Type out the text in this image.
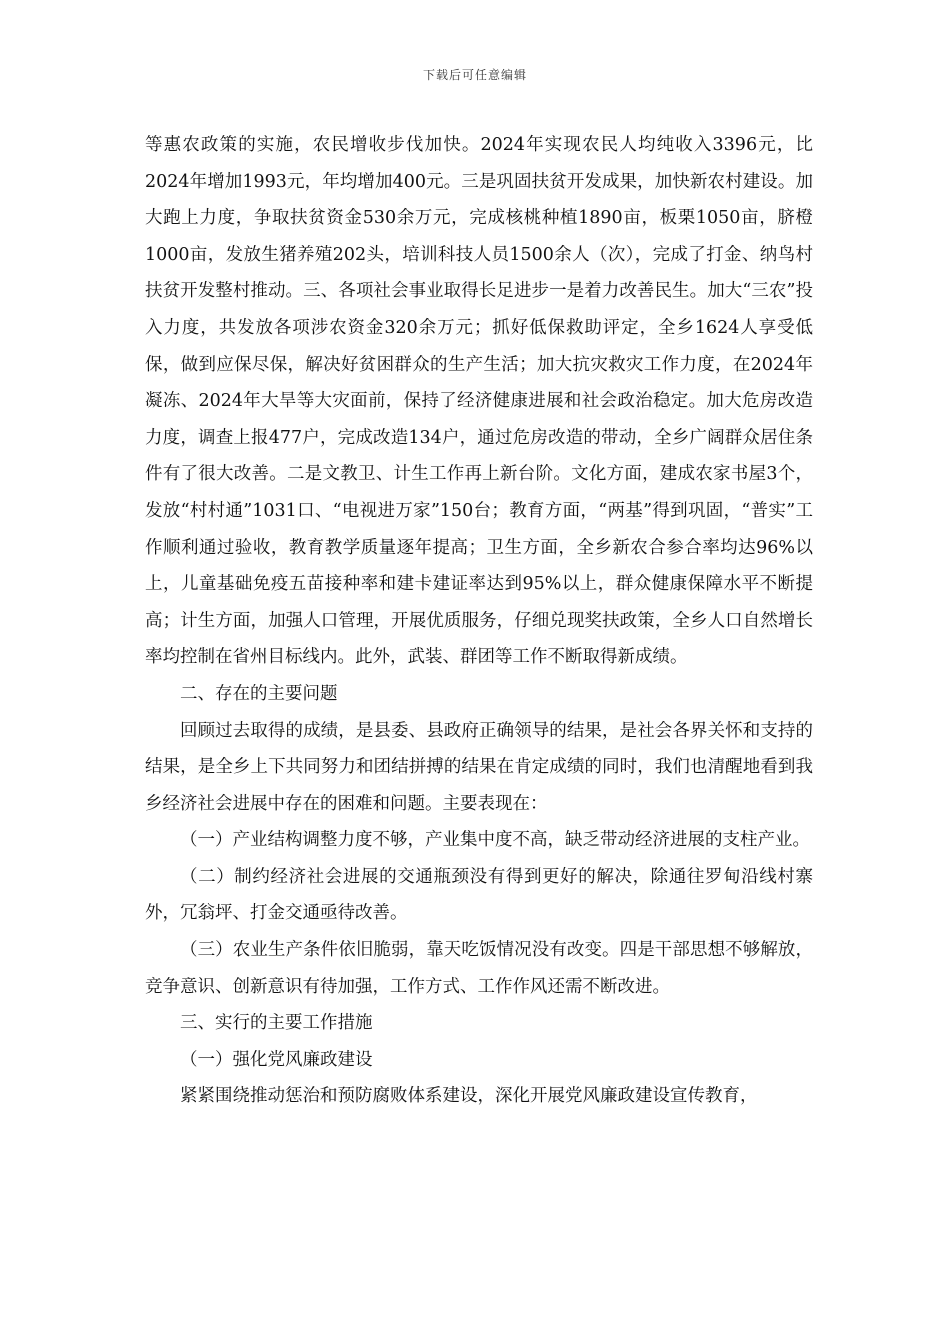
下载后可任意编辑

等惠农政策的实施，农民增收步伐加快。2024年实现农民人均纯收入3396元，比2024年增加1993元，年均增加400元。三是巩固扶贫开发成果，加快新农村建设。加大跑上力度，争取扶贫资金530余万元，完成核桃种植1890亩，板栗1050亩，脐橙1000亩，发放生猪养殖202头，培训科技人员1500余人（次），完成了打金、纳鸟村扶贫开发整村推动。三、各项社会事业取得长足进步一是着力改善民生。加大“三农”投入力度，共发放各项涉农资金320余万元；抓好低保救助评定，全乡1624人享受低保，做到应保尽保，解决好贫困群众的生产生活；加大抗灾救灾工作力度，在2024年凝冻、2024年大旱等大灾面前，保持了经济健康进展和社会政治稳定。加大危房改造力度，调查上报477户，完成改造134户，通过危房改造的带动，全乡广阔群众居住条件有了很大改善。二是文教卫、计生工作再上新台阶。文化方面，建成农家书屋3个，发放“村村通”1031口、“电视进万家”150台；教育方面，“两基”得到巩固，“普实”工作顺利通过验收，教育教学质量逐年提高；卫生方面，全乡新农合参合率均达96%以上，儿童基础免疫五苗接种率和建卡建证率达到95%以上，群众健康保障水平不断提高；计生方面，加强人口管理，开展优质服务，仔细兑现奖扶政策，全乡人口自然增长率均控制在省州目标线内。此外，武装、群团等工作不断取得新成绩。

二、存在的主要问题

回顾过去取得的成绩，是县委、县政府正确领导的结果，是社会各界关怀和支持的结果，是全乡上下共同努力和团结拼搏的结果在肯定成绩的同时，我们也清醒地看到我乡经济社会进展中存在的困难和问题。主要表现在：

（一）产业结构调整力度不够，产业集中度不高，缺乏带动经济进展的支柱产业。

（二）制约经济社会进展的交通瓶颈没有得到更好的解决，除通往罗甸沿线村寨外，冗翁坪、打金交通亟待改善。

（三）农业生产条件依旧脆弱，靠天吃饭情况没有改变。四是干部思想不够解放，竞争意识、创新意识有待加强，工作方式、工作作风还需不断改进。

三、实行的主要工作措施

（一）强化党风廉政建设

紧紧围绕推动惩治和预防腐败体系建设，深化开展党风廉政建设宣传教育，
